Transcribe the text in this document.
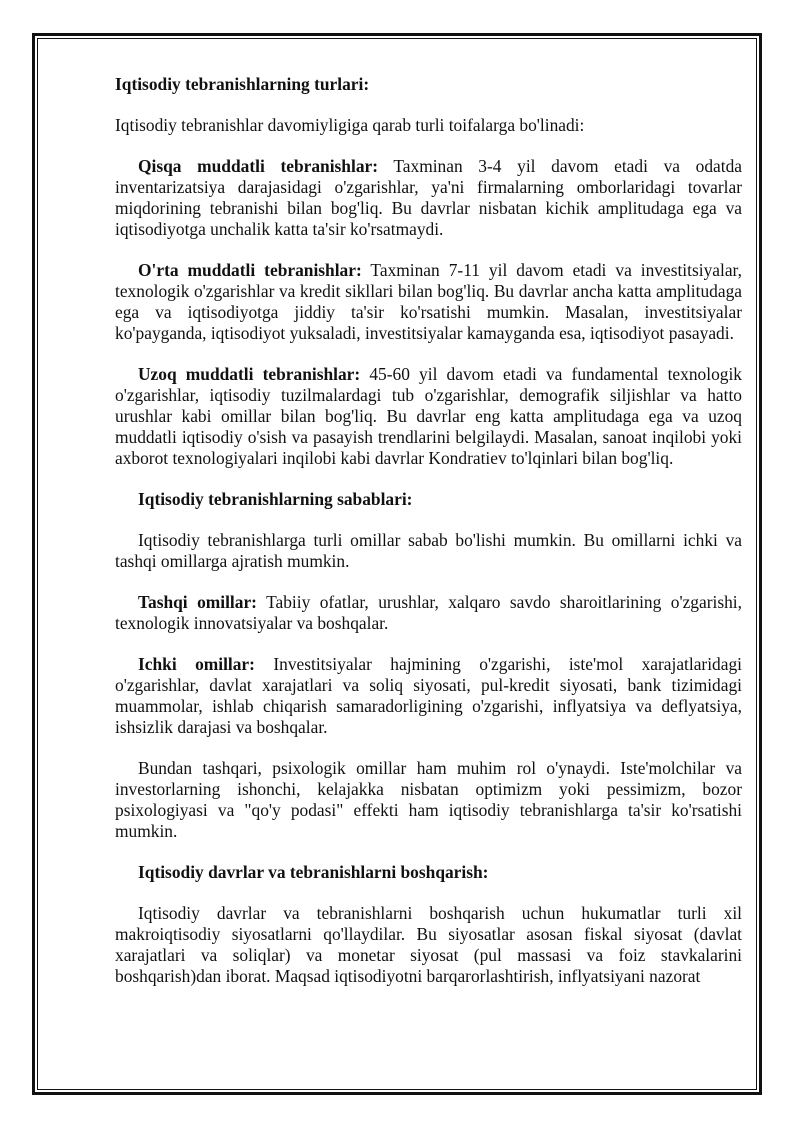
Iqtisodiy tebranishlarning turlari:

Iqtisodiy tebranishlar davomiyligiga qarab turli toifalarga bo'linadi:

Qisqa muddatli tebranishlar: Taxminan 3-4 yil davom etadi va odatda inventarizatsiya darajasidagi o'zgarishlar, ya'ni firmalarning omborlaridagi tovarlar miqdorining tebranishi bilan bog'liq. Bu davrlar nisbatan kichik amplitudaga ega va iqtisodiyotga unchalik katta ta'sir ko'rsatmaydi.

O'rta muddatli tebranishlar: Taxminan 7-11 yil davom etadi va investitsiyalar, texnologik o'zgarishlar va kredit sikllari bilan bog'liq. Bu davrlar ancha katta amplitudaga ega va iqtisodiyotga jiddiy ta'sir ko'rsatishi mumkin. Masalan, investitsiyalar ko'payganda, iqtisodiyot yuksaladi, investitsiyalar kamayganda esa, iqtisodiyot pasayadi.

Uzoq muddatli tebranishlar: 45-60 yil davom etadi va fundamental texnologik o'zgarishlar, iqtisodiy tuzilmalardagi tub o'zgarishlar, demografik siljishlar va hatto urushlar kabi omillar bilan bog'liq. Bu davrlar eng katta amplitudaga ega va uzoq muddatli iqtisodiy o'sish va pasayish trendlarini belgilaydi. Masalan, sanoat inqilobi yoki axborot texnologiyalari inqilobi kabi davrlar Kondratiev to'lqinlari bilan bog'liq.

Iqtisodiy tebranishlarning sabablari:

Iqtisodiy tebranishlarga turli omillar sabab bo'lishi mumkin. Bu omillarni ichki va tashqi omillarga ajratish mumkin.

Tashqi omillar: Tabiiy ofatlar, urushlar, xalqaro savdo sharoitlarining o'zgarishi, texnologik innovatsiyalar va boshqalar.

Ichki omillar: Investitsiyalar hajmining o'zgarishi, iste'mol xarajatlaridagi o'zgarishlar, davlat xarajatlari va soliq siyosati, pul-kredit siyosati, bank tizimidagi muammolar, ishlab chiqarish samaradorligining o'zgarishi, inflyatsiya va deflyatsiya, ishsizlik darajasi va boshqalar.

Bundan tashqari, psixologik omillar ham muhim rol o'ynaydi. Iste'molchilar va investorlarning ishonchi, kelajakka nisbatan optimizm yoki pessimizm, bozor psixologiyasi va "qo'y podasi" effekti ham iqtisodiy tebranishlarga ta'sir ko'rsatishi mumkin.

Iqtisodiy davrlar va tebranishlarni boshqarish:

Iqtisodiy davrlar va tebranishlarni boshqarish uchun hukumatlar turli xil makroiqtisodiy siyosatlarni qo'llaydilar. Bu siyosatlar asosan fiskal siyosat (davlat xarajatlari va soliqlar) va monetar siyosat (pul massasi va foiz stavkalarini boshqarish)dan iborat. Maqsad iqtisodiyotni barqarorlashtirish, inflyatsiyani nazorat
